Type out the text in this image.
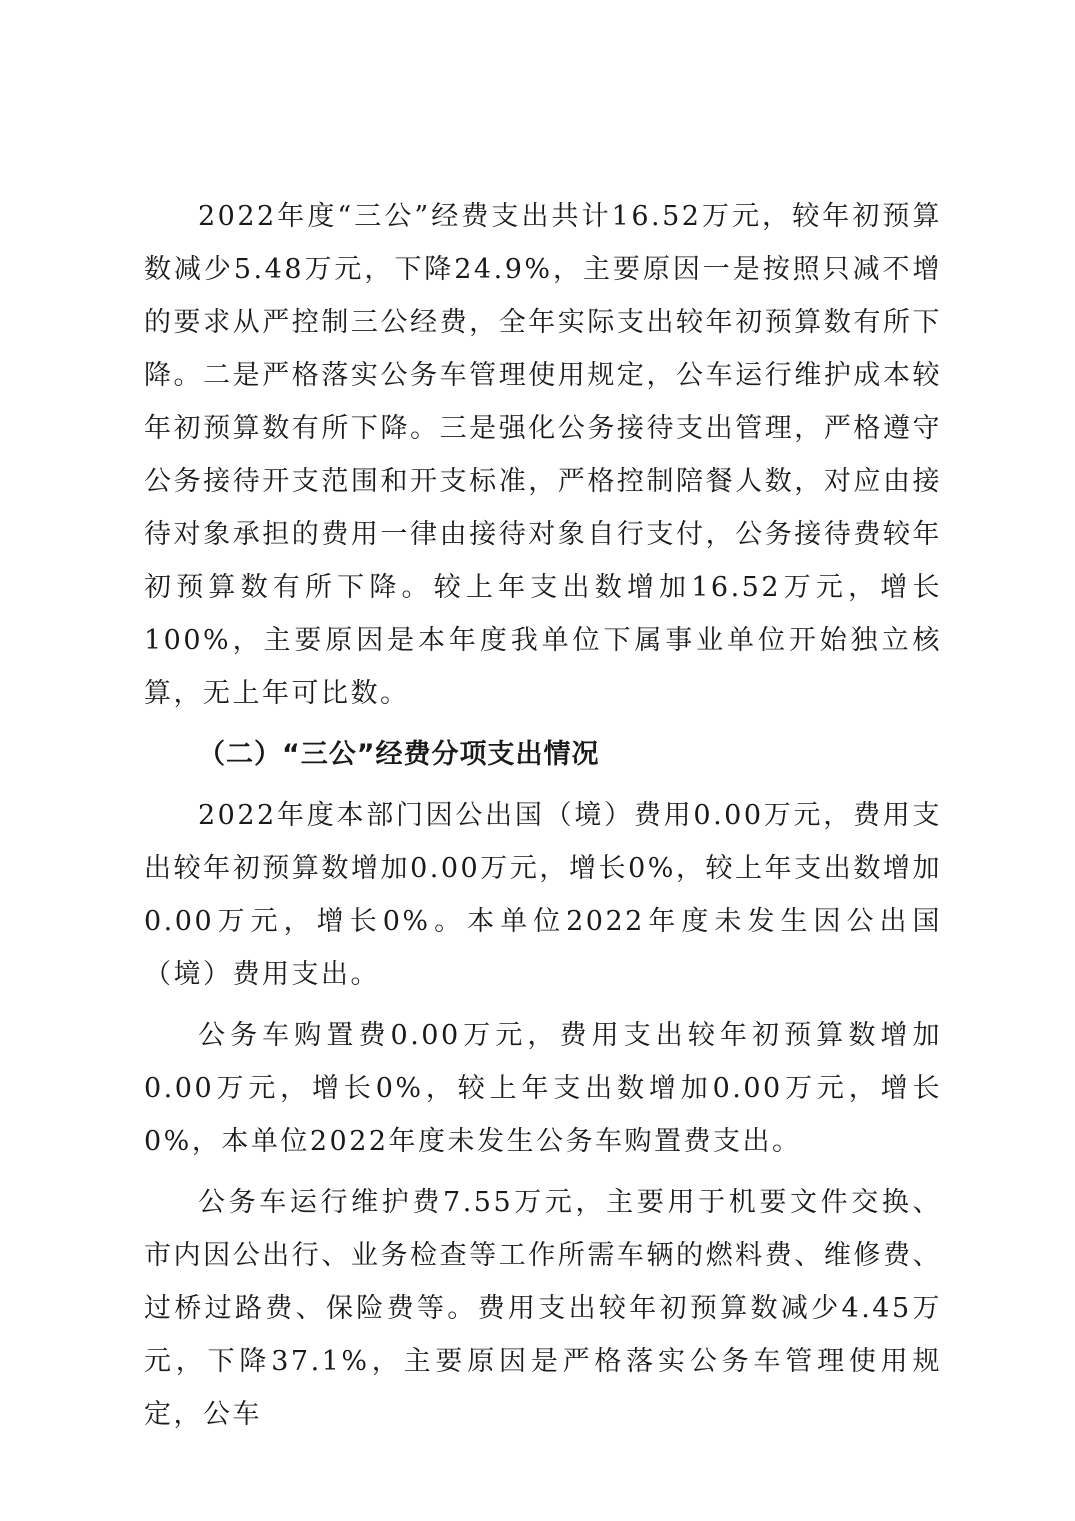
2022年度“三公”经费支出共计16.52万元，较年初预算数减少5.48万元，下降24.9%，主要原因一是按照只减不增的要求从严控制三公经费，全年实际支出较年初预算数有所下降。二是严格落实公务车管理使用规定，公车运行维护成本较年初预算数有所下降。三是强化公务接待支出管理，严格遵守公务接待开支范围和开支标准，严格控制陪餐人数，对应由接待对象承担的费用一律由接待对象自行支付，公务接待费较年初预算数有所下降。较上年支出数增加16.52万元，增长100%，主要原因是本年度我单位下属事业单位开始独立核算，无上年可比数。

（二）“三公”经费分项支出情况

2022年度本部门因公出国（境）费用0.00万元，费用支出较年初预算数增加0.00万元，增长0%，较上年支出数增加0.00万元，增长0%。本单位2022年度未发生因公出国（境）费用支出。

公务车购置费0.00万元，费用支出较年初预算数增加0.00万元，增长0%，较上年支出数增加0.00万元，增长0%，本单位2022年度未发生公务车购置费支出。

公务车运行维护费7.55万元，主要用于机要文件交换、市内因公出行、业务检查等工作所需车辆的燃料费、维修费、过桥过路费、保险费等。费用支出较年初预算数减少4.45万元，下降37.1%，主要原因是严格落实公务车管理使用规定，公车
